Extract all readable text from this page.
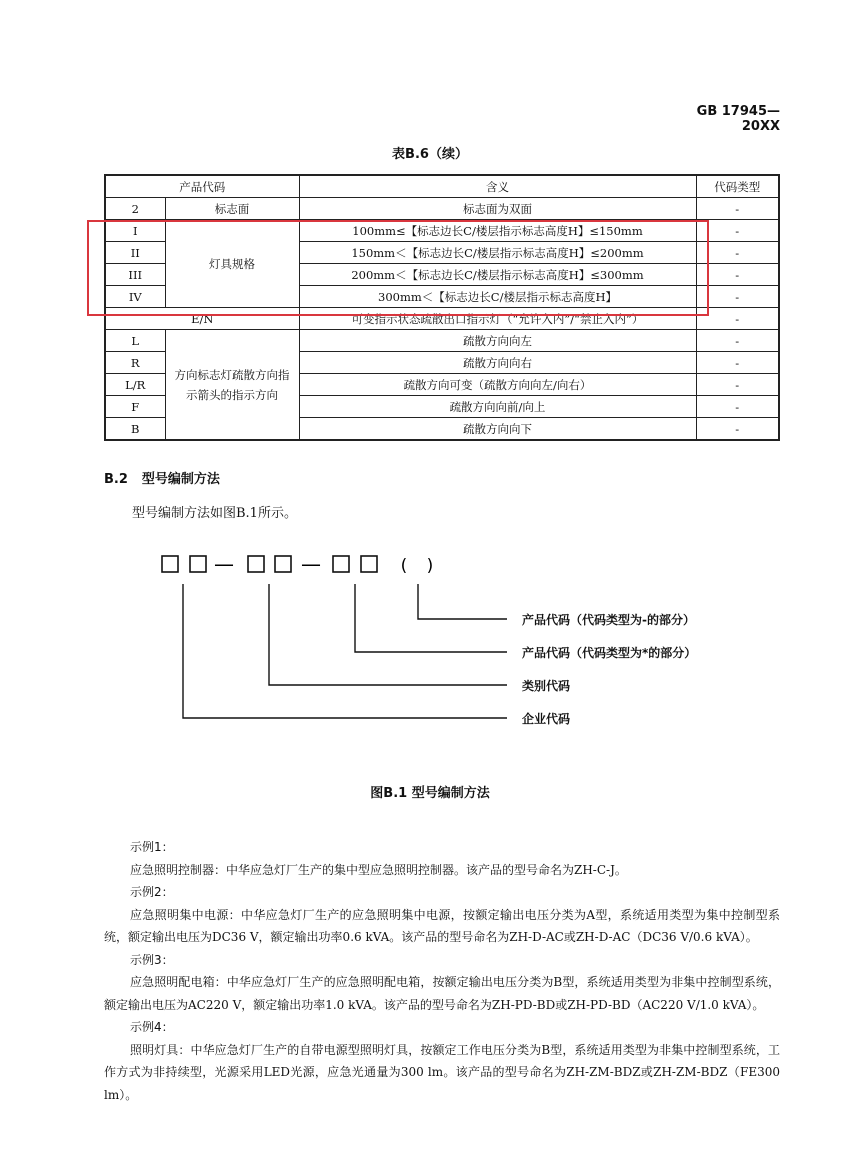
GB 17945—20XX
表B.6（续）
产品代码		含义	代码类型
2	标志面	标志面为双面	-
I	灯具规格	100mm≤【标志边长C/楼层指示标志高度H】≤150mm	-
II		150mm＜【标志边长C/楼层指示标志高度H】≤200mm	-
III		200mm＜【标志边长C/楼层指示标志高度H】≤300mm	-
IV		300mm＜【标志边长C/楼层指示标志高度H】	-
E/N		可变指示状态疏散出口指示灯（“允许入内”/“禁止入内”）	-
L	方向标志灯疏散方向指示箭头的指示方向	疏散方向向左	-
R		疏散方向向右	-
L/R		疏散方向可变（疏散方向向左/向右）	-
F		疏散方向向前/向上	-
B		疏散方向向下	-
B.2 型号编制方法
型号编制方法如图B.1所示。
—	—	( )
产品代码（代码类型为-的部分）
产品代码（代码类型为*的部分）
类别代码
企业代码
图B.1 型号编制方法
示例1：
应急照明控制器：中华应急灯厂生产的集中型应急照明控制器。该产品的型号命名为ZH-C-J。
示例2：
应急照明集中电源：中华应急灯厂生产的应急照明集中电源，按额定输出电压分类为A型，系统适用类型为集中控制型系统，额定输出电压为DC36 V，额定输出功率0.6 kVA。该产品的型号命名为ZH-D-AC或ZH-D-AC（DC36 V/0.6 kVA）。
示例3：
应急照明配电箱：中华应急灯厂生产的应急照明配电箱，按额定输出电压分类为B型，系统适用类型为非集中控制型系统，额定输出电压为AC220 V，额定输出功率1.0 kVA。该产品的型号命名为ZH-PD-BD或ZH-PD-BD（AC220 V/1.0 kVA）。
示例4：
照明灯具：中华应急灯厂生产的自带电源型照明灯具，按额定工作电压分类为B型，系统适用类型为非集中控制型系统，工作方式为非持续型，光源采用LED光源，应急光通量为300 lm。该产品的型号命名为ZH-ZM-BDZ或ZH-ZM-BDZ（FE300 lm）。
